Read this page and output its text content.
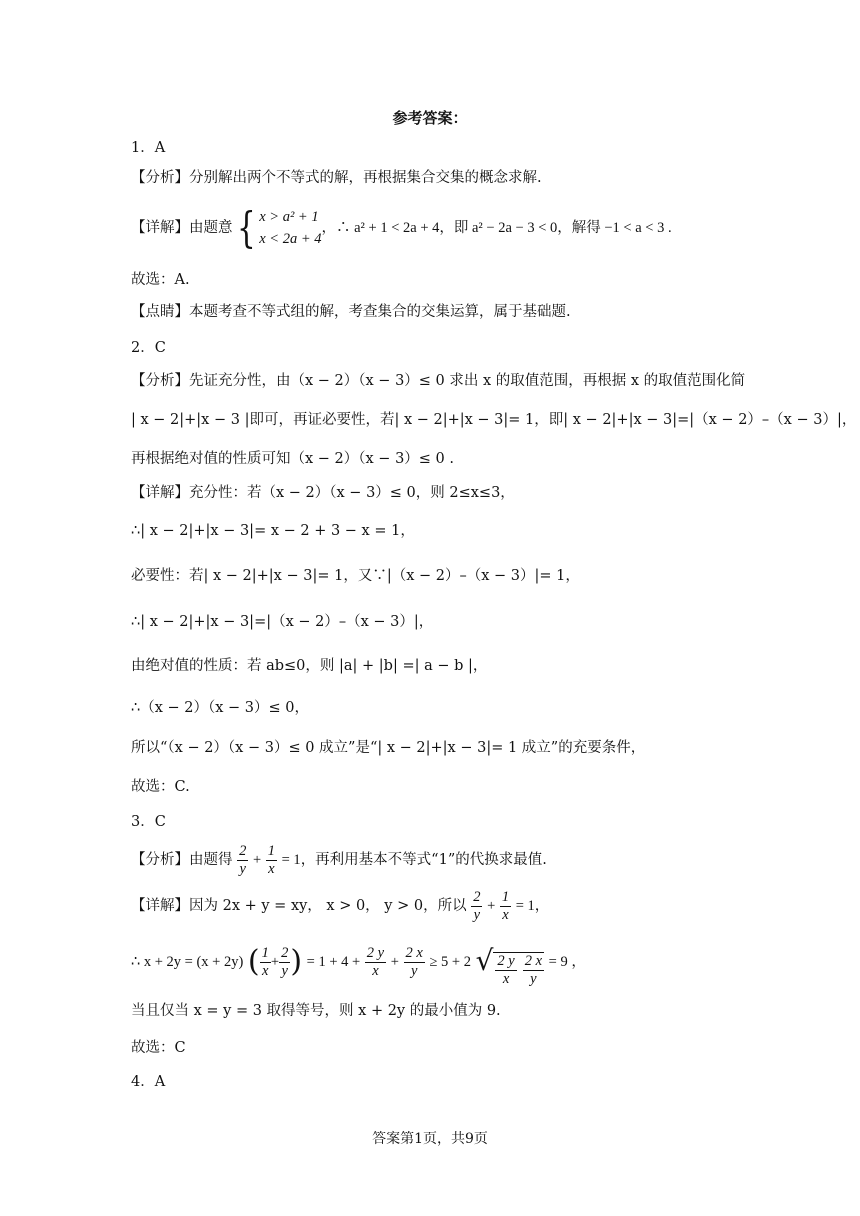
参考答案：
1．A
【分析】分别解出两个不等式的解，再根据集合交集的概念求解.
【详解】由题意{ x > a² + 1
x < 2a + 4，∴ a² + 1 < 2a + 4，即 a² − 2a − 3 < 0，解得 −1 < a < 3 .
故选：A.
【点睛】本题考查不等式组的解，考查集合的交集运算，属于基础题.
2．C
【分析】先证充分性，由（x − 2）（x − 3）≤ 0 求出 x 的取值范围，再根据 x 的取值范围化简
| x − 2|+|x − 3 |即可，再证必要性，若| x − 2|+|x − 3|= 1，即| x − 2|+|x − 3|=|（x − 2）–（x − 3）|，
再根据绝对值的性质可知（x − 2）（x − 3）≤ 0 .
【详解】充分性：若（x − 2）（x − 3）≤ 0，则 2≤x≤3，
∴| x − 2|+|x − 3|= x − 2 + 3 − x = 1，
必要性：若| x − 2|+|x − 3|= 1，又∵|（x − 2）–（x − 3）|= 1，
∴| x − 2|+|x − 3|=|（x − 2）–（x − 3）|，
由绝对值的性质：若 ab≤0，则 |a| + |b| =| a − b |，
∴（x − 2）（x − 3）≤ 0，
所以“（x − 2）（x − 3）≤ 0 成立”是“| x − 2|+|x − 3|= 1 成立”的充要条件，
故选：C.
3．C
【分析】由题得 $\frac{2}{y} + \frac{1}{x} = 1$，再利用基本不等式“1”的代换求最值.
【详解】因为 2x + y = xy， x > 0， y > 0，所以 $\frac{2}{y} + \frac{1}{x} = 1$，
∴ x + 2y = (x + 2y) ( $\frac{1}{x} + \frac{2}{y}$ ) = $1 + 4 + \frac{2 y}{x} + \frac{2 x}{y} \ge 5 + 2$ √ $\frac{2 y}{x} \frac{2 x}{y} = 9$ ，
当且仅当 x = y = 3 取得等号，则 x + 2y 的最小值为 9.
故选：C
4．A
答案第1页，共9页
